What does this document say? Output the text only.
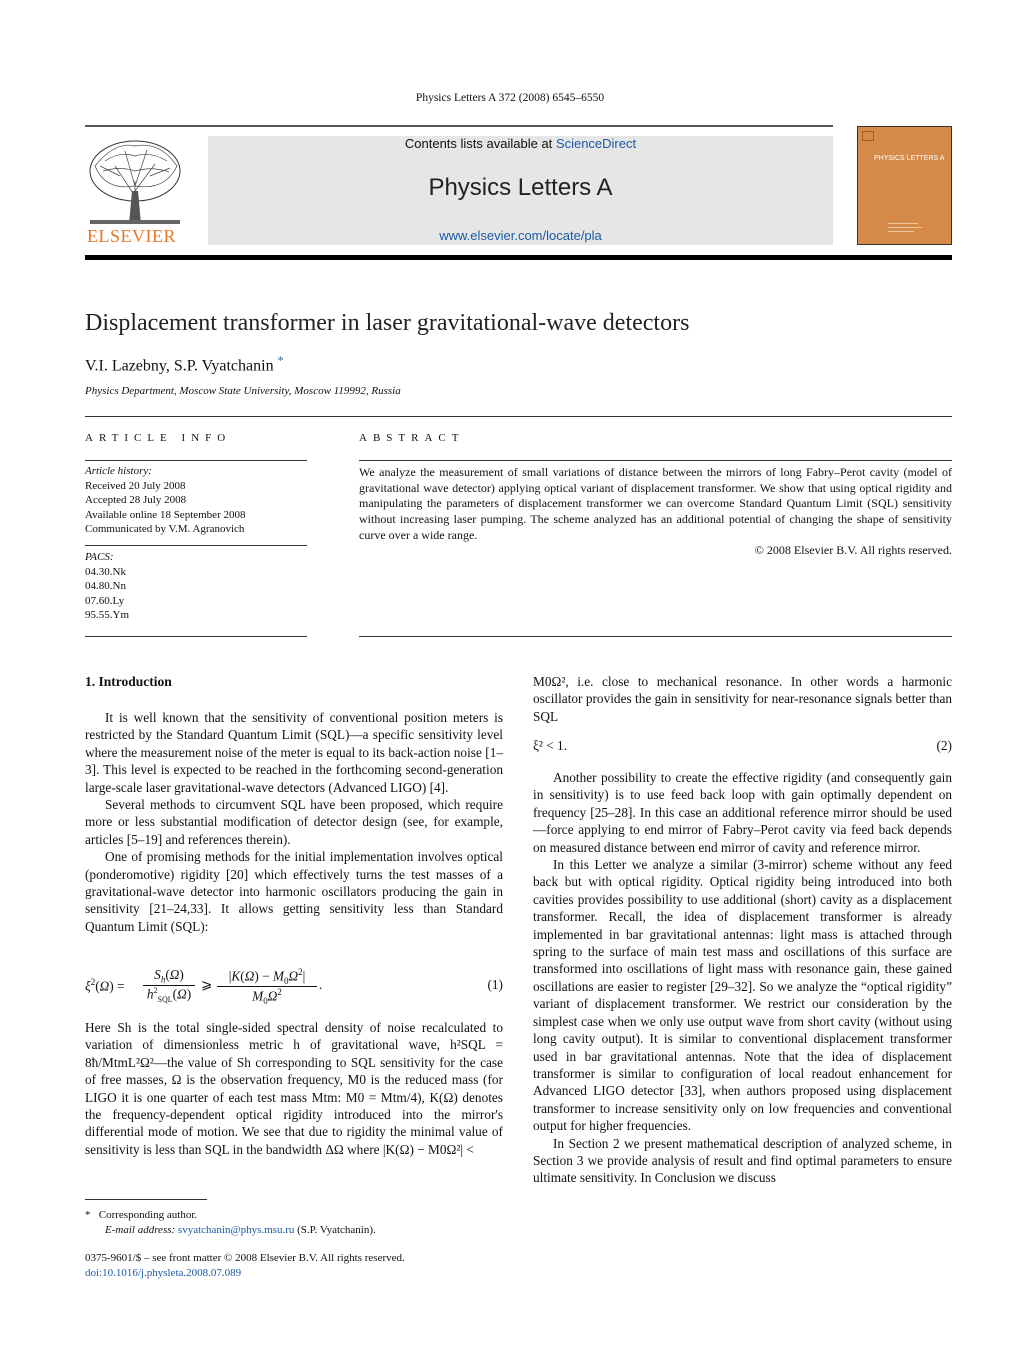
Physics Letters A 372 (2008) 6545–6550
ELSEVIER
Contents lists available at ScienceDirect
Physics Letters A
www.elsevier.com/locate/pla
PHYSICS LETTERS A
Displacement transformer in laser gravitational-wave detectors
V.I. Lazebny, S.P. Vyatchanin *
Physics Department, Moscow State University, Moscow 119992, Russia
ARTICLE INFO	ABSTRACT
Article history:
Received 20 July 2008
Accepted 28 July 2008
Available online 18 September 2008
Communicated by V.M. Agranovich
PACS:
04.30.Nk
04.80.Nn
07.60.Ly
95.55.Ym
We analyze the measurement of small variations of distance between the mirrors of long Fabry–Perot cavity (model of gravitational wave detector) applying optical variant of displacement transformer. We show that using optical rigidity and manipulating the parameters of displacement transformer we can overcome Standard Quantum Limit (SQL) sensitivity without increasing laser pumping. The scheme analyzed has an additional potential of changing the shape of sensitivity curve over a wide range.
© 2008 Elsevier B.V. All rights reserved.
1. Introduction

It is well known that the sensitivity of conventional position meters is restricted by the Standard Quantum Limit (SQL)—a specific sensitivity level where the measurement noise of the meter is equal to its back-action noise [1–3]. This level is expected to be reached in the forthcoming second-generation large-scale laser gravitational-wave detectors (Advanced LIGO) [4].

Several methods to circumvent SQL have been proposed, which require more or less substantial modification of detector design (see, for example, articles [5–19] and references therein).

One of promising methods for the initial implementation involves optical (ponderomotive) rigidity [20] which effectively turns the test masses of a gravitational-wave detector into harmonic oscillators producing the gain in sensitivity [21–24,33]. It allows getting sensitivity less than Standard Quantum Limit (SQL):

$\xi^2(\Omega)$ =
$S_h(\Omega)$
$h^2_{SQL}(\Omega)$
⩾
$|K(\Omega) - M_0\Omega^2|$
$M_0\Omega^2$
.	(1)

Here Sh is the total single-sided spectral density of noise recalculated to variation of dimensionless metric h of gravitational wave, h²SQL = 8ħ/MtmL²Ω²—the value of Sh corresponding to SQL sensitivity for the case of free masses, Ω is the observation frequency, M0 is the reduced mass (for LIGO it is one quarter of each test mass Mtm: M0 = Mtm/4), K(Ω) denotes the frequency-dependent optical rigidity introduced into the mirror's differential mode of motion. We see that due to rigidity the minimal value of sensitivity is less than SQL in the bandwidth ΔΩ where |K(Ω) − M0Ω²| <

M0Ω², i.e. close to mechanical resonance. In other words a harmonic oscillator provides the gain in sensitivity for near-resonance signals better than SQL

ξ² < 1.	(2)

Another possibility to create the effective rigidity (and consequently gain in sensitivity) is to use feed back loop with gain optimally dependent on frequency [25–28]. In this case an additional reference mirror should be used—force applying to end mirror of Fabry–Perot cavity via feed back depends on measured distance between end mirror of cavity and reference mirror.

In this Letter we analyze a similar (3-mirror) scheme without any feed back but with optical rigidity. Optical rigidity being introduced into both cavities provides possibility to use additional (short) cavity as a displacement transformer. Recall, the idea of displacement transformer is already implemented in bar gravitational antennas: light mass is attached through spring to the surface of main test mass and oscillations of this surface are transformed into oscillations of light mass with resonance gain, these gained oscillations are easier to register [29–32]. So we analyze the “optical rigidity” variant of displacement transformer. We restrict our consideration by the simplest case when we only use output wave from short cavity (without using long cavity output). It is similar to conventional displacement transformer used in bar gravitational antennas. Note that the idea of displacement transformer is similar to configuration of local readout enhancement for Advanced LIGO detector [33], when authors proposed using displacement transformer to increase sensitivity only on low frequencies and conventional output for higher frequencies.

In Section 2 we present mathematical description of analyzed scheme, in Section 3 we provide analysis of result and find optimal parameters to ensure ultimate sensitivity. In Conclusion we discuss

* Corresponding author.
E-mail address: svyatchanin@phys.msu.ru (S.P. Vyatchanin).
0375-9601/$ – see front matter © 2008 Elsevier B.V. All rights reserved.
doi:10.1016/j.physleta.2008.07.089
